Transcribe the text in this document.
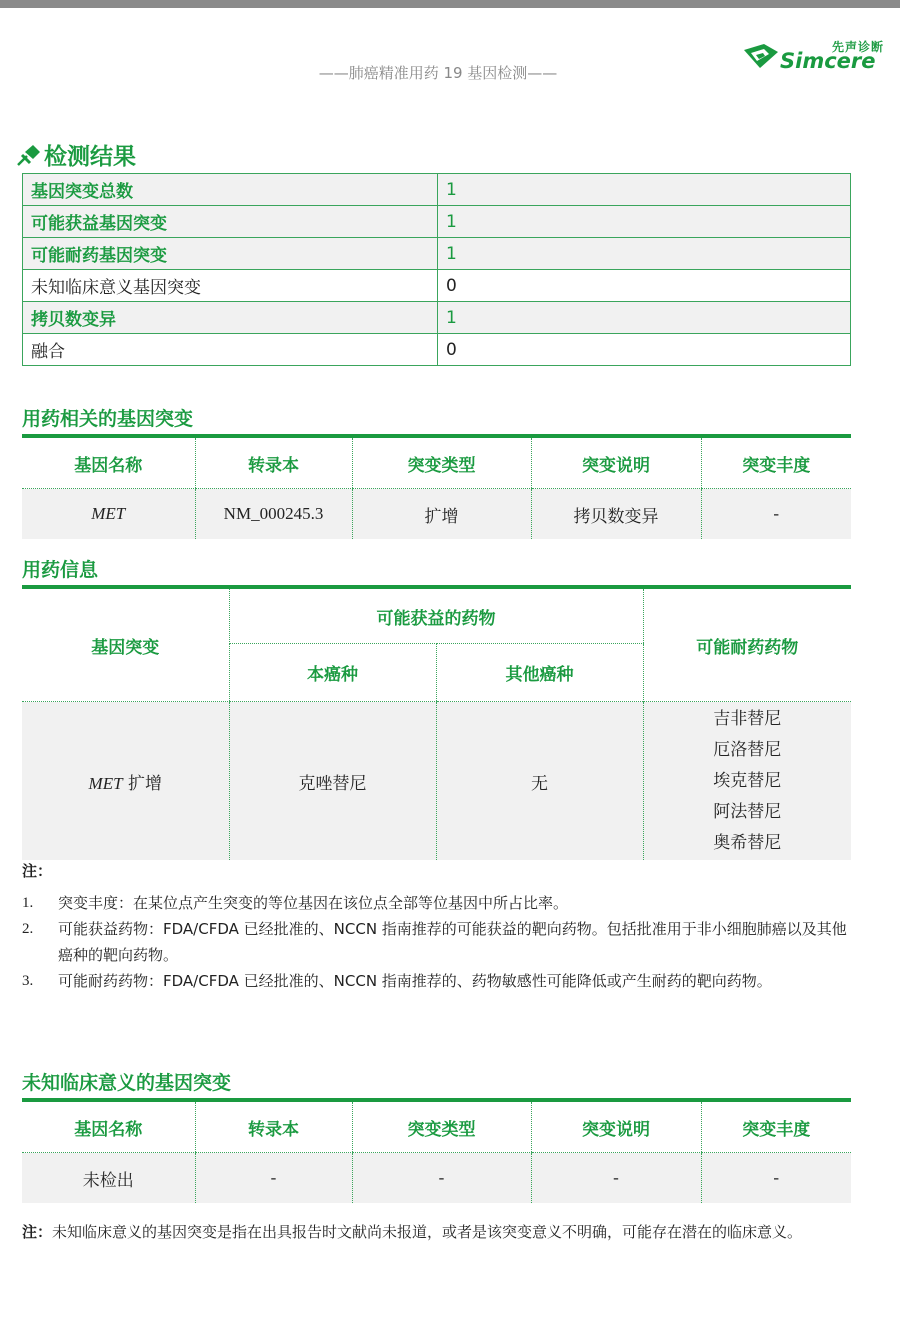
——肺癌精准用药 19 基因检测——
先声诊断
Simcere
检测结果
基因突变总数	1
可能获益基因突变	1
可能耐药基因突变	1
未知临床意义基因突变	0
拷贝数变异	1
融合	0
用药相关的基因突变
基因名称	转录本	突变类型	突变说明	突变丰度
MET	NM_000245.3	扩增	拷贝数变异	-
用药信息
基因突变	可能获益的药物		可能耐药药物
	本癌种	其他癌种	
MET 扩增	克唑替尼	无	吉非替尼
厄洛替尼
埃克替尼
阿法替尼
奥希替尼
注：
1.	突变丰度：在某位点产生突变的等位基因在该位点全部等位基因中所占比率。
2.	可能获益药物：FDA/CFDA 已经批准的、NCCN 指南推荐的可能获益的靶向药物。包括批准用于非小细胞肺癌以及其他癌种的靶向药物。
3.	可能耐药药物：FDA/CFDA 已经批准的、NCCN 指南推荐的、药物敏感性可能降低或产生耐药的靶向药物。
未知临床意义的基因突变
基因名称	转录本	突变类型	突变说明	突变丰度
未检出	-	-	-	-
注：未知临床意义的基因突变是指在出具报告时文献尚未报道，或者是该突变意义不明确，可能存在潜在的临床意义。
